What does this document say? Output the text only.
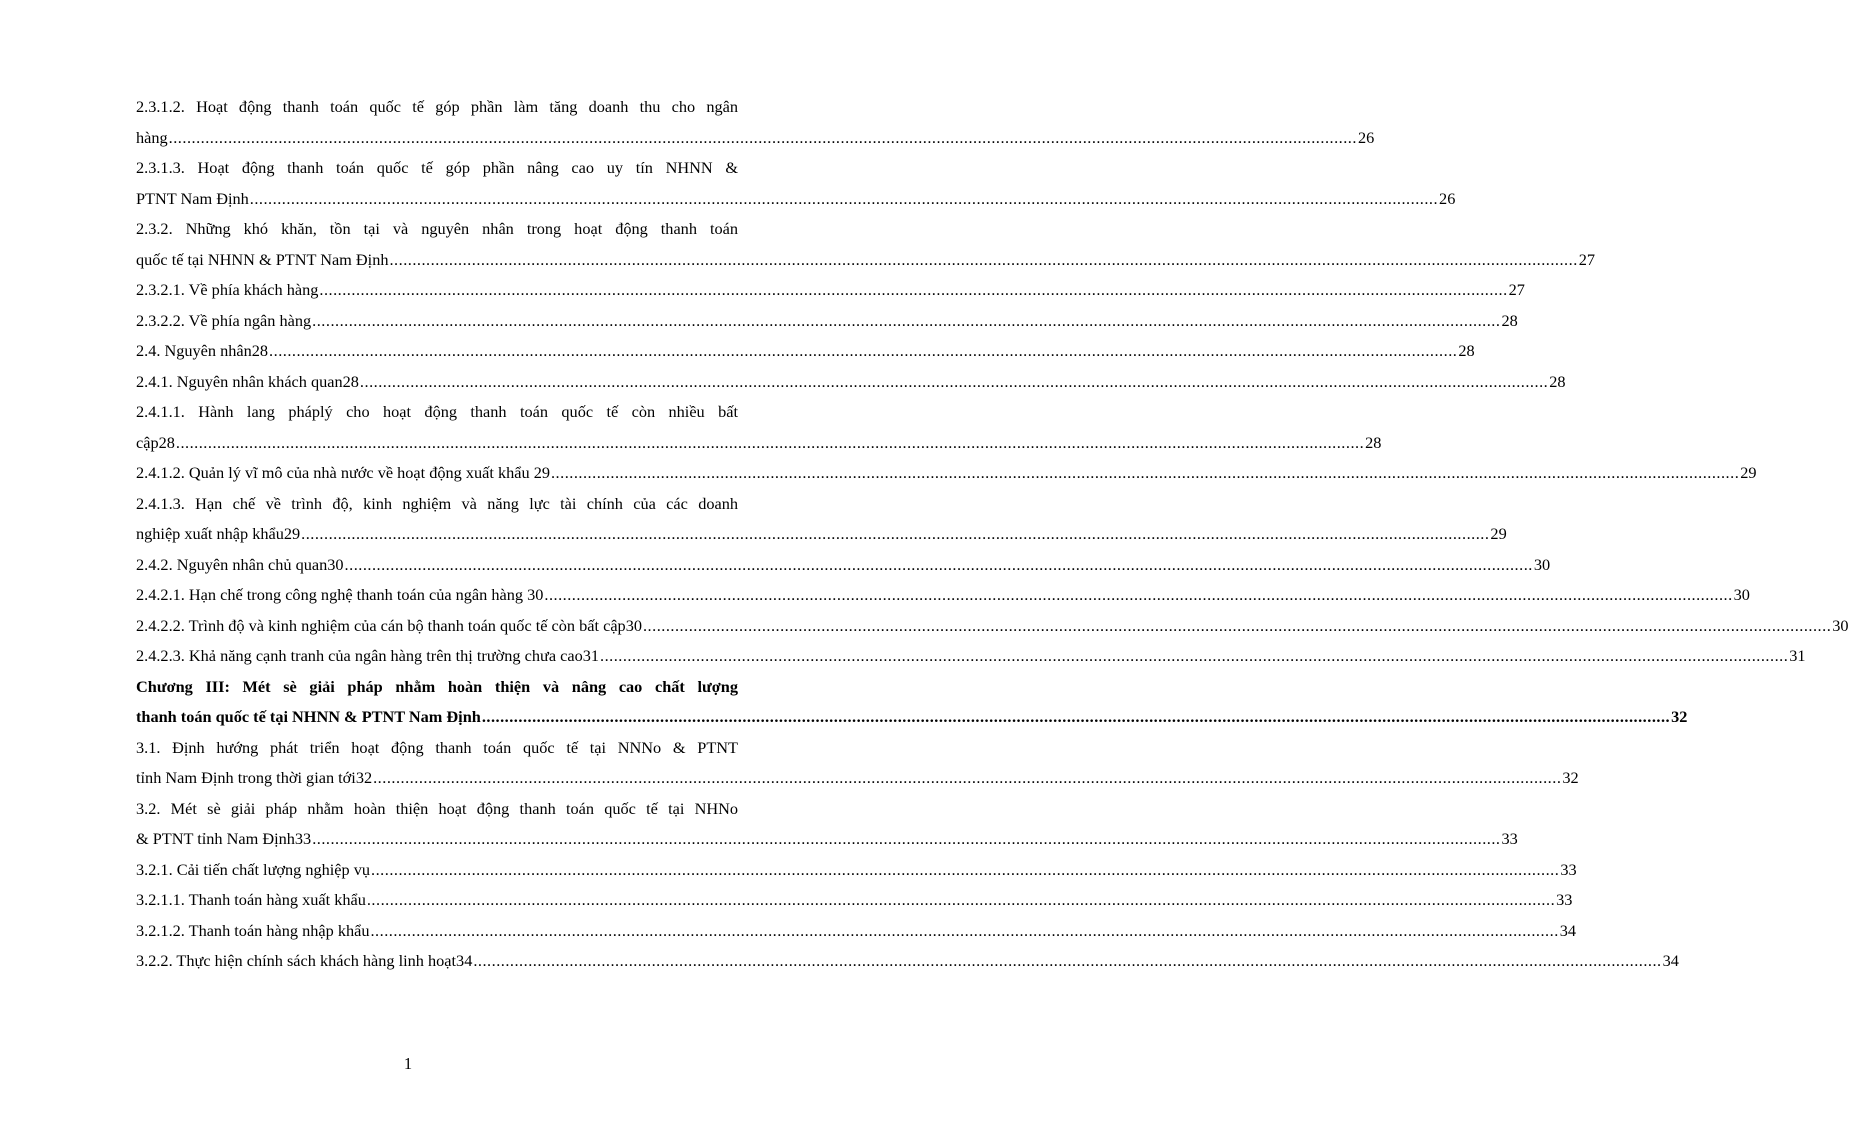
2.3.1.2. Hoạt động thanh toán quốc tế góp phần làm tăng doanh thu cho ngân
hàng .................................................................................................................................................................................................................................................................... 26
2.3.1.3. Hoạt động thanh toán quốc tế góp phần nâng cao uy tín NHNN &
PTNT Nam Định .................................................................................................................................................................................................................................................................... 26
2.3.2. Những khó khăn, tồn tại và nguyên nhân trong hoạt động thanh toán
quốc tế tại NHNN & PTNT Nam Định .................................................................................................................................................................................................................................................................... 27
2.3.2.1. Về phía khách hàng .................................................................................................................................................................................................................................................................... 27
2.3.2.2. Về phía ngân hàng .................................................................................................................................................................................................................................................................... 28
2.4. Nguyên nhân28 .................................................................................................................................................................................................................................................................... 28
2.4.1. Nguyên nhân khách quan28 .................................................................................................................................................................................................................................................................... 28
2.4.1.1. Hành lang pháplý cho hoạt động thanh toán quốc tế còn nhiều bất
cập28 .................................................................................................................................................................................................................................................................... 28
2.4.1.2. Quản lý vĩ mô của nhà nước về hoạt động xuất khẩu 29 .................................................................................................................................................................................................................................................................... 29
2.4.1.3. Hạn chế về trình độ, kinh nghiệm và năng lực tài chính của các doanh
nghiệp xuất nhập khẩu29 .................................................................................................................................................................................................................................................................... 29
2.4.2. Nguyên nhân chủ quan30 .................................................................................................................................................................................................................................................................... 30
2.4.2.1. Hạn chế trong công nghệ thanh toán của ngân hàng 30 .................................................................................................................................................................................................................................................................... 30
2.4.2.2. Trình độ và kinh nghiệm của cán bộ thanh toán quốc tế còn bất cập30 .................................................................................................................................................................................................................................................................... 30
2.4.2.3. Khả năng cạnh tranh của ngân hàng trên thị trường chưa cao31 .................................................................................................................................................................................................................................................................... 31
Chương III: Mét sè giải pháp nhằm hoàn thiện và nâng cao chất lượng
thanh toán quốc tế tại NHNN & PTNT Nam Định .................................................................................................................................................................................................................................................................... 32
3.1. Định hướng phát triển hoạt động thanh toán quốc tế tại NNNo & PTNT
tỉnh Nam Định trong thời gian tới32 .................................................................................................................................................................................................................................................................... 32
3.2. Mét sè giải pháp nhằm hoàn thiện hoạt động thanh toán quốc tế tại NHNo
& PTNT tỉnh Nam Định33 .................................................................................................................................................................................................................................................................... 33
3.2.1. Cải tiến chất lượng nghiệp vụ .................................................................................................................................................................................................................................................................... 33
3.2.1.1. Thanh toán hàng xuất khẩu .................................................................................................................................................................................................................................................................... 33
3.2.1.2. Thanh toán hàng nhập khẩu .................................................................................................................................................................................................................................................................... 34
3.2.2. Thực hiện chính sách khách hàng linh hoạt34 .................................................................................................................................................................................................................................................................... 34
1
